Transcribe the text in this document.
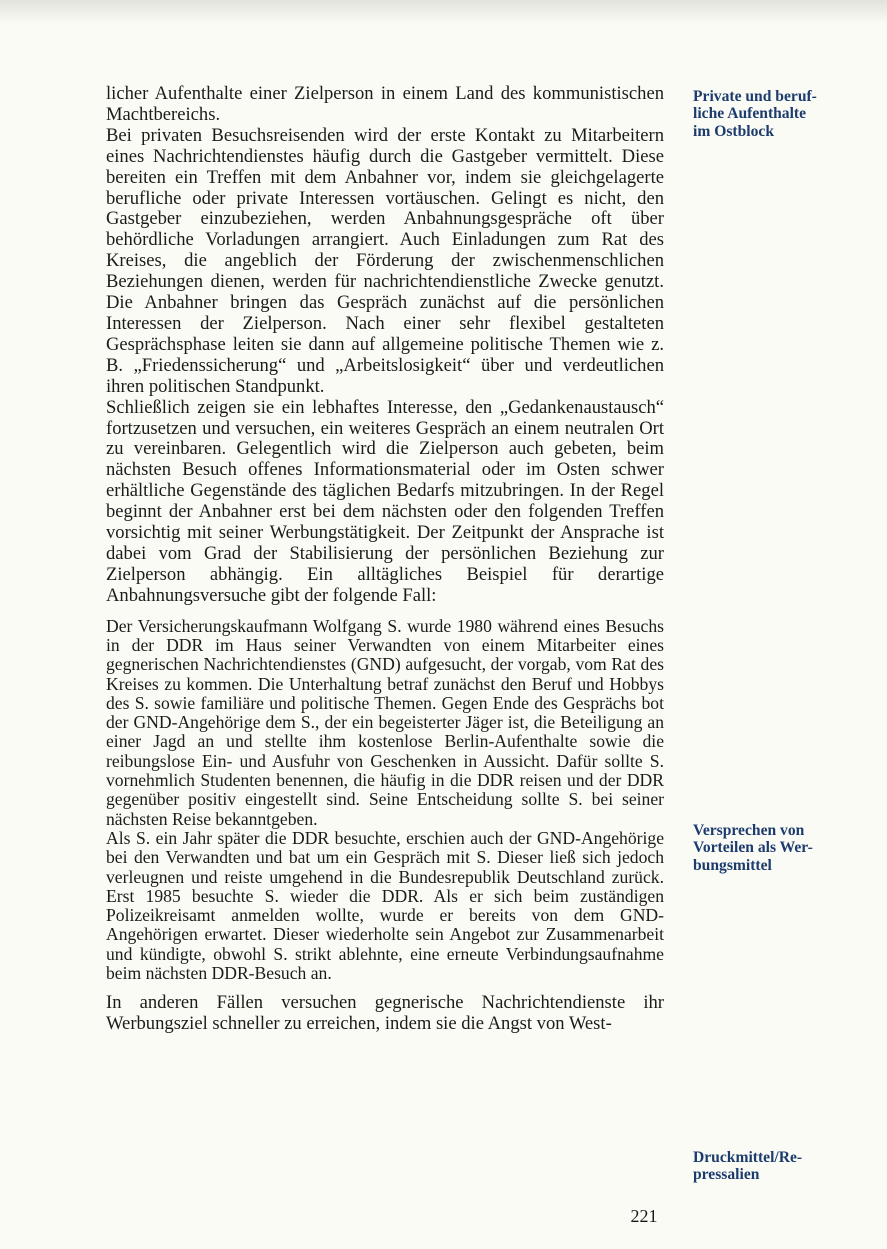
licher Aufenthalte einer Zielperson in einem Land des kommunistischen Machtbereichs.

Bei privaten Besuchsreisenden wird der erste Kontakt zu Mitarbeitern eines Nachrichtendienstes häufig durch die Gastgeber vermittelt. Diese bereiten ein Treffen mit dem Anbahner vor, indem sie gleichgelagerte berufliche oder private Interessen vortäuschen. Gelingt es nicht, den Gastgeber einzubeziehen, werden Anbahnungsgespräche oft über behördliche Vorladungen arrangiert. Auch Einladungen zum Rat des Kreises, die angeblich der Förderung der zwischenmenschlichen Beziehungen dienen, werden für nachrichtendienstliche Zwecke genutzt. Die Anbahner bringen das Gespräch zunächst auf die persönlichen Interessen der Zielperson. Nach einer sehr flexibel gestalteten Gesprächsphase leiten sie dann auf allgemeine politische Themen wie z. B. „Friedenssicherung“ und „Arbeitslosigkeit“ über und verdeutlichen ihren politischen Standpunkt.

Schließlich zeigen sie ein lebhaftes Interesse, den „Gedankenaustausch“ fortzusetzen und versuchen, ein weiteres Gespräch an einem neutralen Ort zu vereinbaren. Gelegentlich wird die Zielperson auch gebeten, beim nächsten Besuch offenes Informationsmaterial oder im Osten schwer erhältliche Gegenstände des täglichen Bedarfs mitzubringen. In der Regel beginnt der Anbahner erst bei dem nächsten oder den folgenden Treffen vorsichtig mit seiner Werbungstätigkeit. Der Zeitpunkt der Ansprache ist dabei vom Grad der Stabilisierung der persönlichen Beziehung zur Zielperson abhängig. Ein alltägliches Beispiel für derartige Anbahnungsversuche gibt der folgende Fall:

Der Versicherungskaufmann Wolfgang S. wurde 1980 während eines Besuchs in der DDR im Haus seiner Verwandten von einem Mitarbeiter eines gegnerischen Nachrichtendienstes (GND) aufgesucht, der vorgab, vom Rat des Kreises zu kommen. Die Unterhaltung betraf zunächst den Beruf und Hobbys des S. sowie familiäre und politische Themen. Gegen Ende des Gesprächs bot der GND-Angehörige dem S., der ein begeisterter Jäger ist, die Beteiligung an einer Jagd an und stellte ihm kostenlose Berlin-Aufenthalte sowie die reibungslose Ein- und Ausfuhr von Geschenken in Aussicht. Dafür sollte S. vornehmlich Studenten benennen, die häufig in die DDR reisen und der DDR gegenüber positiv eingestellt sind. Seine Entscheidung sollte S. bei seiner nächsten Reise bekanntgeben.

Als S. ein Jahr später die DDR besuchte, erschien auch der GND-Angehörige bei den Verwandten und bat um ein Gespräch mit S. Dieser ließ sich jedoch verleugnen und reiste umgehend in die Bundesrepublik Deutschland zurück. Erst 1985 besuchte S. wieder die DDR. Als er sich beim zuständigen Polizeikreisamt anmelden wollte, wurde er bereits von dem GND-Angehörigen erwartet. Dieser wiederholte sein Angebot zur Zusammenarbeit und kündigte, obwohl S. strikt ablehnte, eine erneute Verbindungsaufnahme beim nächsten DDR-Besuch an.

In anderen Fällen versuchen gegnerische Nachrichtendienste ihr Werbungsziel schneller zu erreichen, indem sie die Angst von West-

Private und beruf-
liche Aufenthalte
im Ostblock
Versprechen von
Vorteilen als Wer-
bungsmittel
Druckmittel/Re-
pressalien
221
